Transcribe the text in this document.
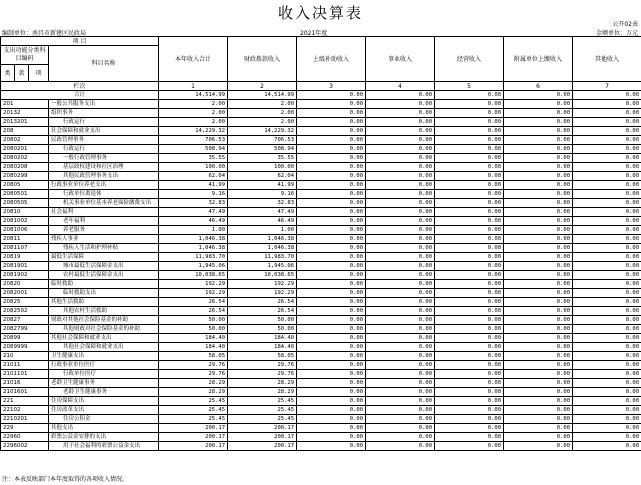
收入决算表
公开02表
编制单位：南昌市新建区民政局	2021年度	金额单位：万元
项 目				本年收入合计	财政拨款收入	上级补助收入	事业收入	经营收入	附属单位上缴收入	其他收入
支出功能分类科目编码			科目名称							
类	款	项								
栏次				1	2	3	4	5	6	7
合计				14,514.99	14,514.99	0.00	0.00	0.00	0.00	0.00
201			一般公共服务支出	2.00	2.00	0.00	0.00	0.00	0.00	0.00
20132			组织事务	2.00	2.00	0.00	0.00	0.00	0.00	0.00
2013201			行政运行	2.00	2.00	0.00	0.00	0.00	0.00	0.00
208			社会保障和就业支出	14,229.32	14,229.32	0.00	0.00	0.00	0.00	0.00
20802			民政管理事务	706.53	706.53	0.00	0.00	0.00	0.00	0.00
2080201			行政运行	508.94	508.94	0.00	0.00	0.00	0.00	0.00
2080202			一般行政管理事务	35.55	35.55	0.00	0.00	0.00	0.00	0.00
2080208			基层政权建设和社区治理	100.00	100.00	0.00	0.00	0.00	0.00	0.00
2080299			其他民政管理事务支出	62.04	62.04	0.00	0.00	0.00	0.00	0.00
20805			行政事业单位养老支出	41.99	41.99	0.00	0.00	0.00	0.00	0.00
2080501			行政单位离退休	9.16	9.16	0.00	0.00	0.00	0.00	0.00
2080505			机关事业单位基本养老保险缴费支出	32.83	32.83	0.00	0.00	0.00	0.00	0.00
20810			社会福利	47.49	47.49	0.00	0.00	0.00	0.00	0.00
2081002			老年福利	46.49	46.49	0.00	0.00	0.00	0.00	0.00
2081006			养老服务	1.00	1.00	0.00	0.00	0.00	0.00	0.00
20811			残疾人事业	1,046.38	1,046.38	0.00	0.00	0.00	0.00	0.00
2081107			残疾人生活和护理补贴	1,046.38	1,046.38	0.00	0.00	0.00	0.00	0.00
20819			最低生活保障	11,983.70	11,983.70	0.00	0.00	0.00	0.00	0.00
2081901			城市最低生活保障金支出	1,945.06	1,945.06	0.00	0.00	0.00	0.00	0.00
2081902			农村最低生活保障金支出	10,038.65	10,038.65	0.00	0.00	0.00	0.00	0.00
20820			临时救助	192.29	192.29	0.00	0.00	0.00	0.00	0.00
2082001			临时救助支出	192.29	192.29	0.00	0.00	0.00	0.00	0.00
20825			其他生活救助	26.54	26.54	0.00	0.00	0.00	0.00	0.00
2082502			其他农村生活救助	26.54	26.54	0.00	0.00	0.00	0.00	0.00
20827			财政对其他社会保险基金的补助	50.00	50.00	0.00	0.00	0.00	0.00	0.00
2082799			其他财政对社会保险基金的补助	50.00	50.00	0.00	0.00	0.00	0.00	0.00
20899			其他社会保障和就业支出	184.40	184.40	0.00	0.00	0.00	0.00	0.00
2089999			其他社会保障和就业支出	184.40	184.40	0.00	0.00	0.00	0.00	0.00
210			卫生健康支出	58.05	58.05	0.00	0.00	0.00	0.00	0.00
21011			行政事业单位医疗	29.76	29.76	0.00	0.00	0.00	0.00	0.00
2101101			行政单位医疗	29.76	29.76	0.00	0.00	0.00	0.00	0.00
21016			老龄卫生健康事务	28.29	28.29	0.00	0.00	0.00	0.00	0.00
2101601			老龄卫生健康事务	28.29	28.29	0.00	0.00	0.00	0.00	0.00
221			住房保障支出	25.45	25.45	0.00	0.00	0.00	0.00	0.00
22102			住房改革支出	25.45	25.45	0.00	0.00	0.00	0.00	0.00
2210201			住房公积金	25.45	25.45	0.00	0.00	0.00	0.00	0.00
229			其他支出	200.17	200.17	0.00	0.00	0.00	0.00	0.00
22960			彩票公益金安排的支出	200.17	200.17	0.00	0.00	0.00	0.00	0.00
2296002			用于社会福利的彩票公益金支出	200.17	200.17	0.00	0.00	0.00	0.00	0.00
注：本表反映部门本年度取得的各项收入情况。
